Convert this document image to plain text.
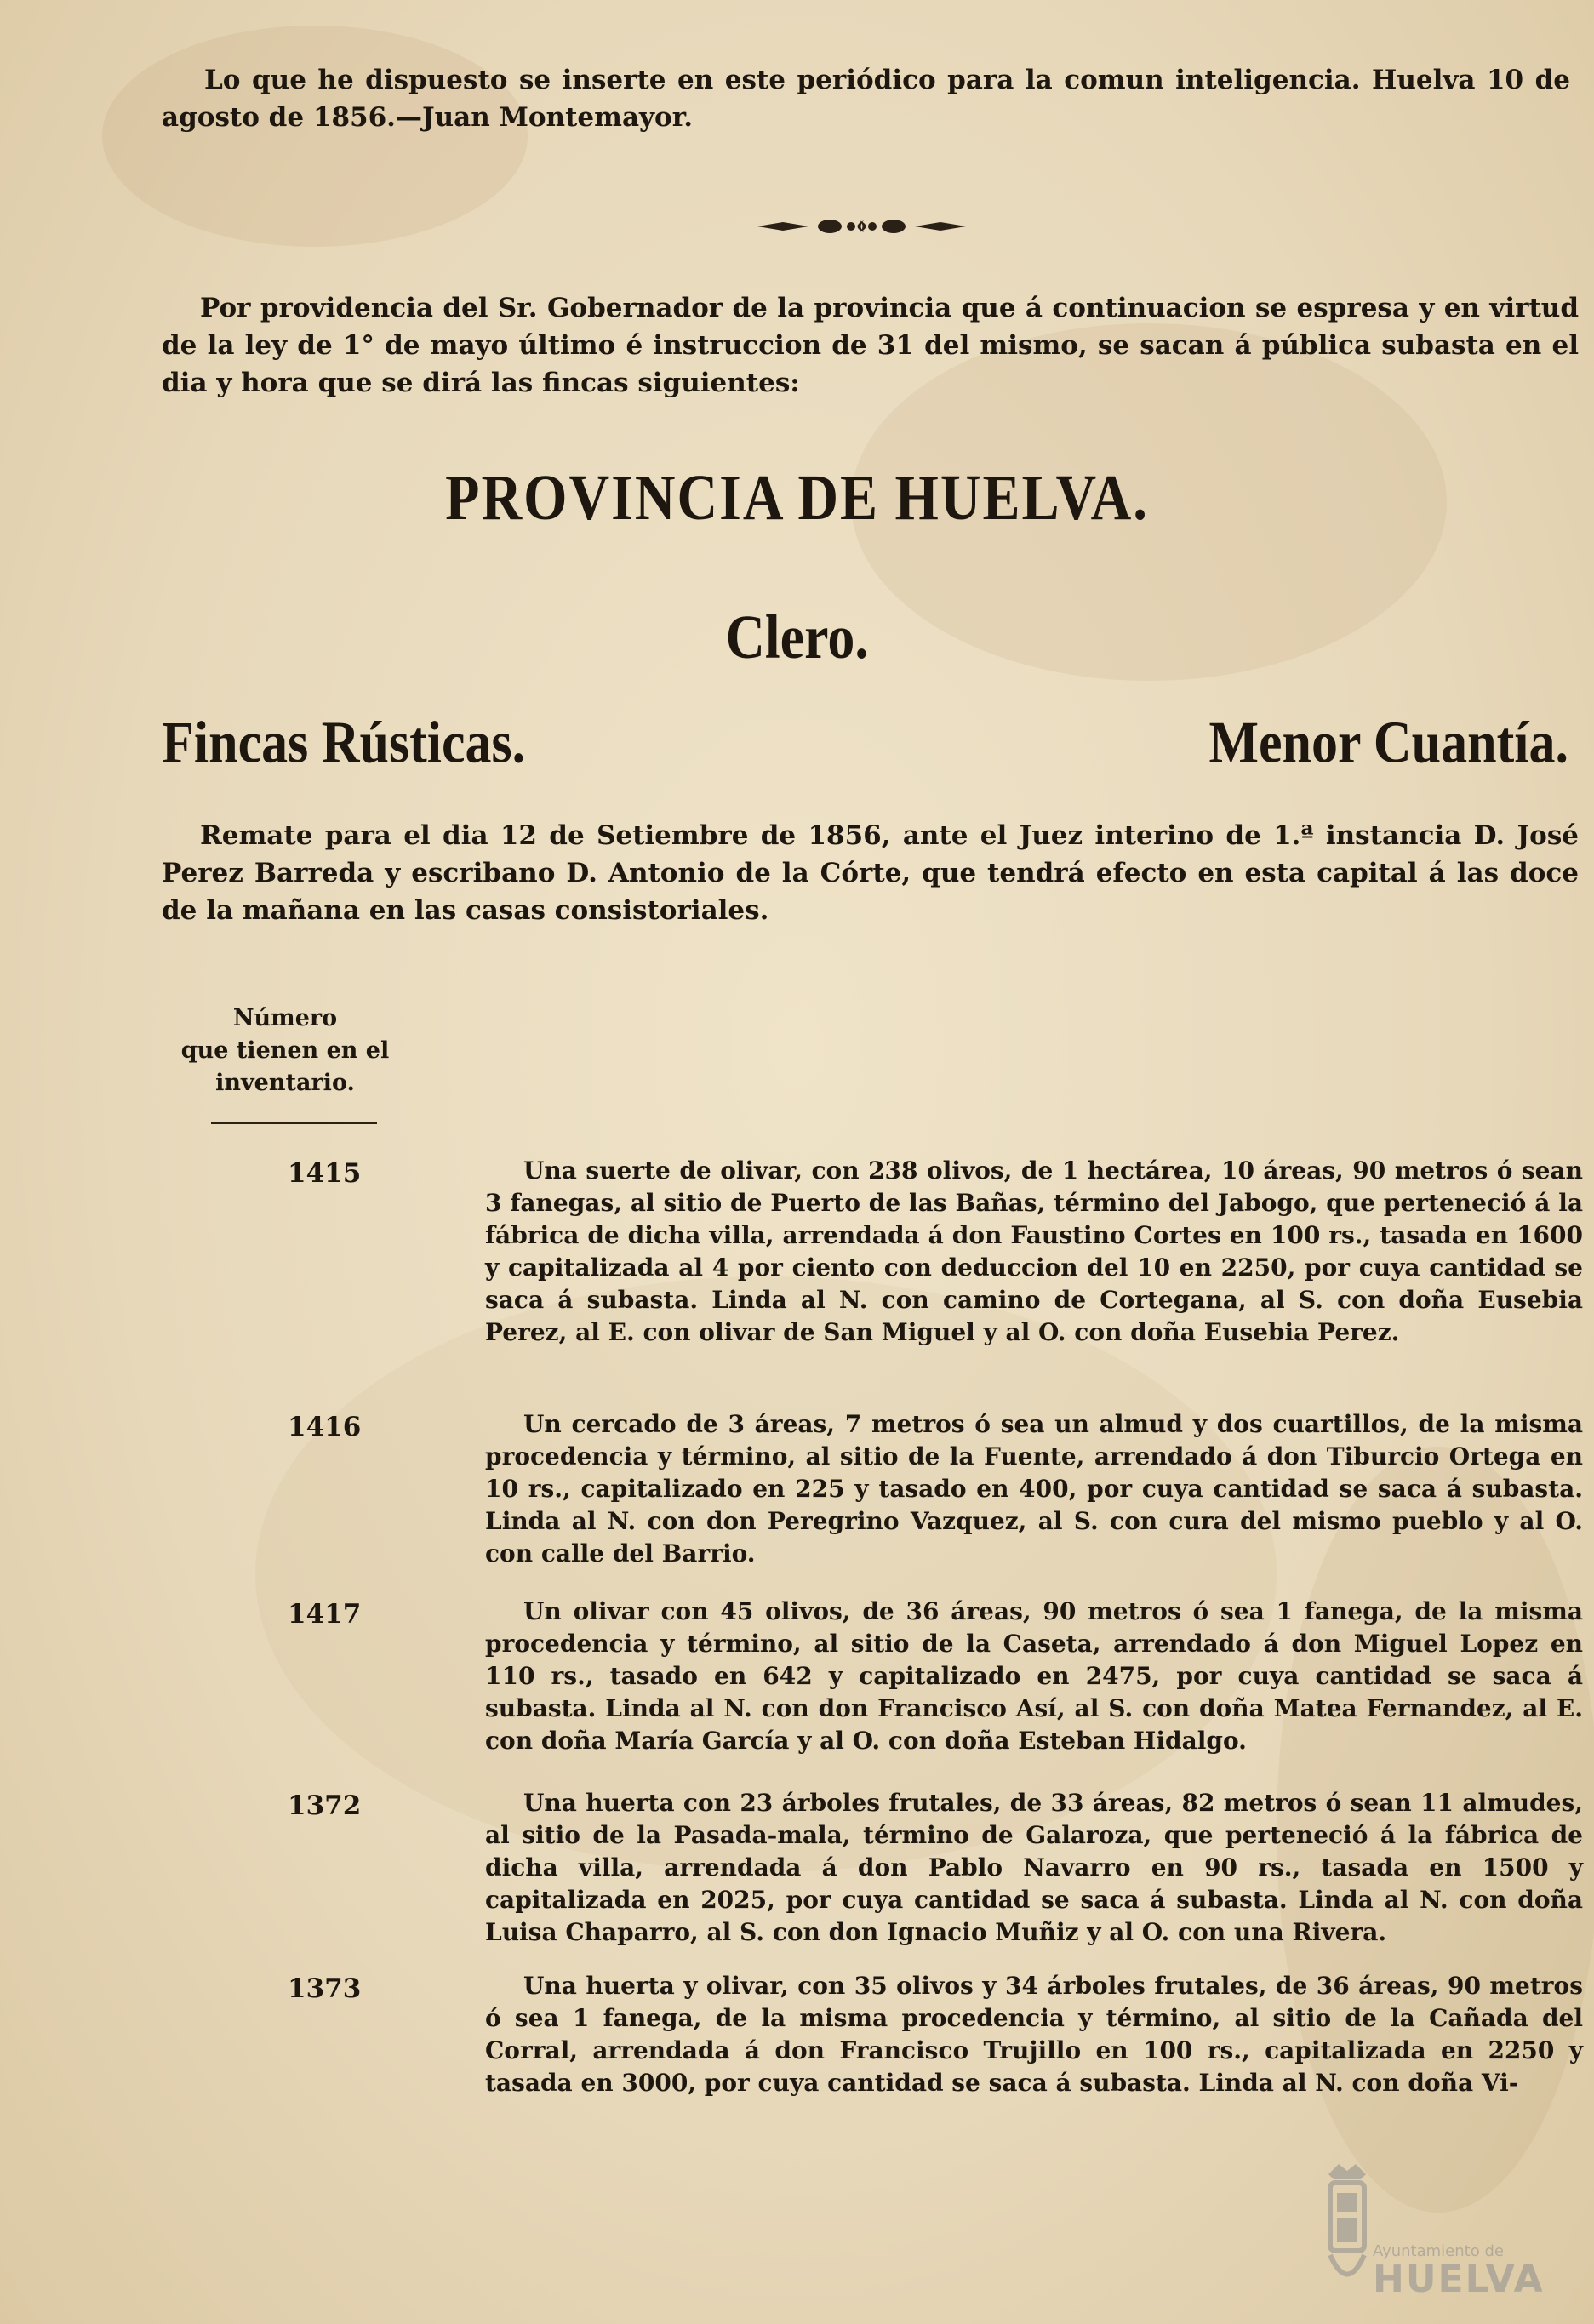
Lo que he dispuesto se inserte en este periódico para la comun inteligencia. Huelva 10 de agosto de 1856.—Juan Montemayor.

Por providencia del Sr. Gobernador de la provincia que á continuacion se espresa y en virtud de la ley de 1° de mayo último é instruccion de 31 del mismo, se sacan á pública subasta en el dia y hora que se dirá las fincas siguientes:

PROVINCIA DE HUELVA.
Clero.
Fincas Rústicas.	Menor Cuantía.

Remate para el dia 12 de Setiembre de 1856, ante el Juez interino de 1.ª instancia D. José Perez Barreda y escribano D. Antonio de la Córte, que tendrá efecto en esta capital á las doce de la mañana en las casas consistoriales.

Número
que tienen en el
inventario.
1415	Una suerte de olivar, con 238 olivos, de 1 hectárea, 10 áreas, 90 metros ó sean 3 fanegas, al sitio de Puerto de las Bañas, término del Jabogo, que perteneció á la fábrica de dicha villa, arrendada á don Faustino Cortes en 100 rs., tasada en 1600 y capitalizada al 4 por ciento con deduccion del 10 en 2250, por cuya cantidad se saca á subasta. Linda al N. con camino de Cortegana, al S. con doña Eusebia Perez, al E. con olivar de San Miguel y al O. con doña Eusebia Perez.

1416	Un cercado de 3 áreas, 7 metros ó sea un almud y dos cuartillos, de la misma procedencia y término, al sitio de la Fuente, arrendado á don Tiburcio Ortega en 10 rs., capitalizado en 225 y tasado en 400, por cuya cantidad se saca á subasta. Linda al N. con don Peregrino Vazquez, al S. con cura del mismo pueblo y al O. con calle del Barrio.

1417	Un olivar con 45 olivos, de 36 áreas, 90 metros ó sea 1 fanega, de la misma procedencia y término, al sitio de la Caseta, arrendado á don Miguel Lopez en 110 rs., tasado en 642 y capitalizado en 2475, por cuya cantidad se saca á subasta. Linda al N. con don Francisco Así, al S. con doña Matea Fernandez, al E. con doña María García y al O. con doña Esteban Hidalgo.

1372	Una huerta con 23 árboles frutales, de 33 áreas, 82 metros ó sean 11 almudes, al sitio de la Pasada-mala, término de Galaroza, que perteneció á la fábrica de dicha villa, arrendada á don Pablo Navarro en 90 rs., tasada en 1500 y capitalizada en 2025, por cuya cantidad se saca á subasta. Linda al N. con doña Luisa Chaparro, al S. con don Ignacio Muñiz y al O. con una Rivera.

1373	Una huerta y olivar, con 35 olivos y 34 árboles frutales, de 36 áreas, 90 metros ó sea 1 fanega, de la misma procedencia y término, al sitio de la Cañada del Corral, arrendada á don Francisco Trujillo en 100 rs., capitalizada en 2250 y tasada en 3000, por cuya cantidad se saca á subasta. Linda al N. con doña Vi-

Ayuntamiento de
HUELVA
